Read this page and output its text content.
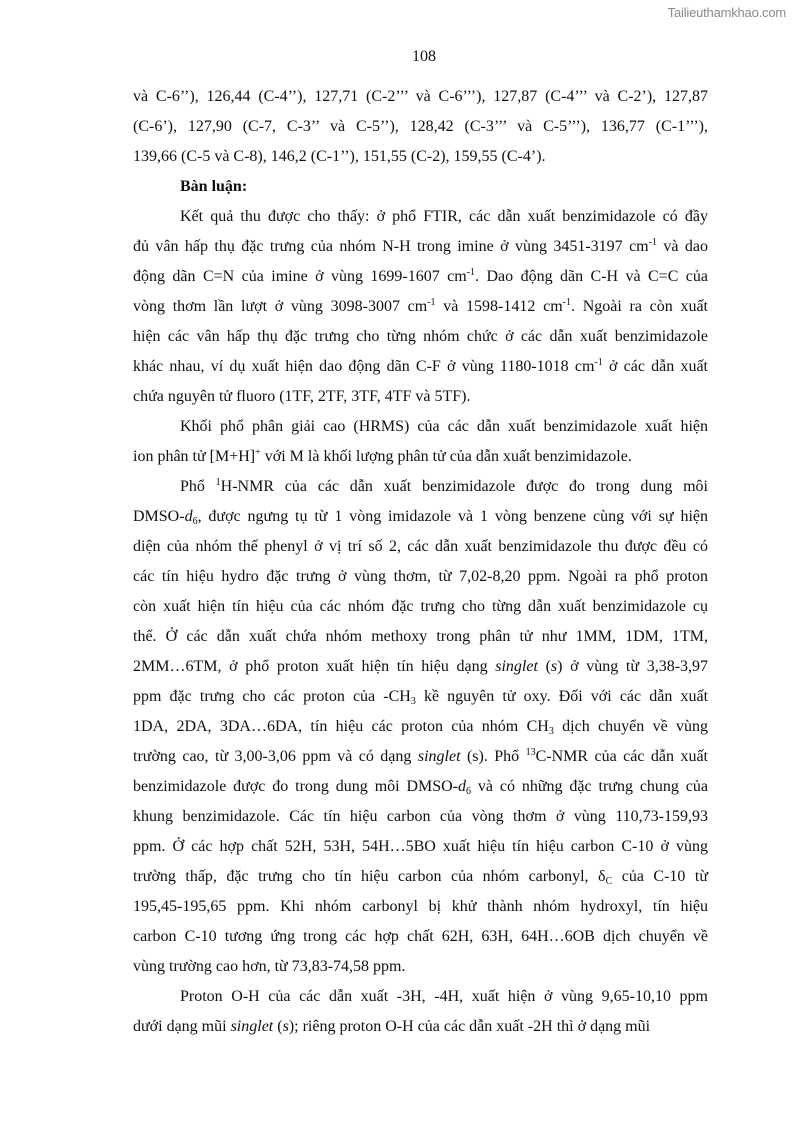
Tailieuthamkhao.com
108
và C-6’’), 126,44 (C-4’’), 127,71 (C-2’’’ và C-6’’’), 127,87 (C-4’’’ và C-2’), 127,87
(C-6’), 127,90 (C-7, C-3’’ và C-5’’), 128,42 (C-3’’’ và C-5’’’), 136,77 (C-1’’’),
139,66 (C-5 và C-8), 146,2 (C-1’’), 151,55 (C-2), 159,55 (C-4’).
Bàn luận:
Kết quả thu được cho thấy: ở phổ FTIR, các dẫn xuất benzimidazole có đầy
đủ vân hấp thụ đặc trưng của nhóm N-H trong imine ở vùng 3451-3197 $cm^{-1}$ và dao
động dãn C=N của imine ở vùng 1699-1607 $cm^{-1}$. Dao động dãn C-H và C=C của
vòng thơm lần lượt ở vùng 3098-3007 $cm^{-1}$ và 1598-1412 $cm^{-1}$. Ngoài ra còn xuất
hiện các vân hấp thụ đặc trưng cho từng nhóm chức ở các dẫn xuất benzimidazole
khác nhau, ví dụ xuất hiện dao động dãn C-F ở vùng 1180-1018 $cm^{-1}$ ở các dẫn xuất
chứa nguyên tử fluoro (1TF, 2TF, 3TF, 4TF và 5TF).
Khối phổ phân giải cao (HRMS) của các dẫn xuất benzimidazole xuất hiện
ion phân tử [M+H]+ với M là khối lượng phân tử của dẫn xuất benzimidazole.
Phổ $^1$H-NMR của các dẫn xuất benzimidazole được đo trong dung môi
DMSO-$d_6$, được ngưng tụ từ 1 vòng imidazole và 1 vòng benzene cùng với sự hiện
diện của nhóm thế phenyl ở vị trí số 2, các dẫn xuất benzimidazole thu được đều có
các tín hiệu hydro đặc trưng ở vùng thơm, từ 7,02-8,20 ppm. Ngoài ra phổ proton
còn xuất hiện tín hiệu của các nhóm đặc trưng cho từng dẫn xuất benzimidazole cụ
thể. Ở các dẫn xuất chứa nhóm methoxy trong phân tử như 1MM, 1DM, 1TM,
2MM…6TM, ở phổ proton xuất hiện tín hiệu dạng singlet (s) ở vùng từ 3,38-3,97
ppm đặc trưng cho các proton của $-CH_3$ kề nguyên tử oxy. Đối với các dẫn xuất
1DA, 2DA, 3DA…6DA, tín hiệu các proton của nhóm $CH_3$ dịch chuyển về vùng
trường cao, từ 3,00-3,06 ppm và có dạng singlet (s). Phổ $^{13}$C-NMR của các dẫn xuất
benzimidazole được đo trong dung môi DMSO-$d_6$ và có những đặc trưng chung của
khung benzimidazole. Các tín hiệu carbon của vòng thơm ở vùng 110,73-159,93
ppm. Ở các hợp chất 52H, 53H, 54H…5BO xuất hiệu tín hiệu carbon C-10 ở vùng
trường thấp, đặc trưng cho tín hiệu carbon của nhóm carbonyl, $\delta_C$ của C-10 từ
195,45-195,65 ppm. Khi nhóm carbonyl bị khử thành nhóm hydroxyl, tín hiệu
carbon C-10 tương ứng trong các hợp chất 62H, 63H, 64H…6OB dịch chuyển về
vùng trường cao hơn, từ 73,83-74,58 ppm.
Proton O-H của các dẫn xuất -3H, -4H, xuất hiện ở vùng 9,65-10,10 ppm
dưới dạng mũi singlet (s); riêng proton O-H của các dẫn xuất -2H thì ở dạng mũi
